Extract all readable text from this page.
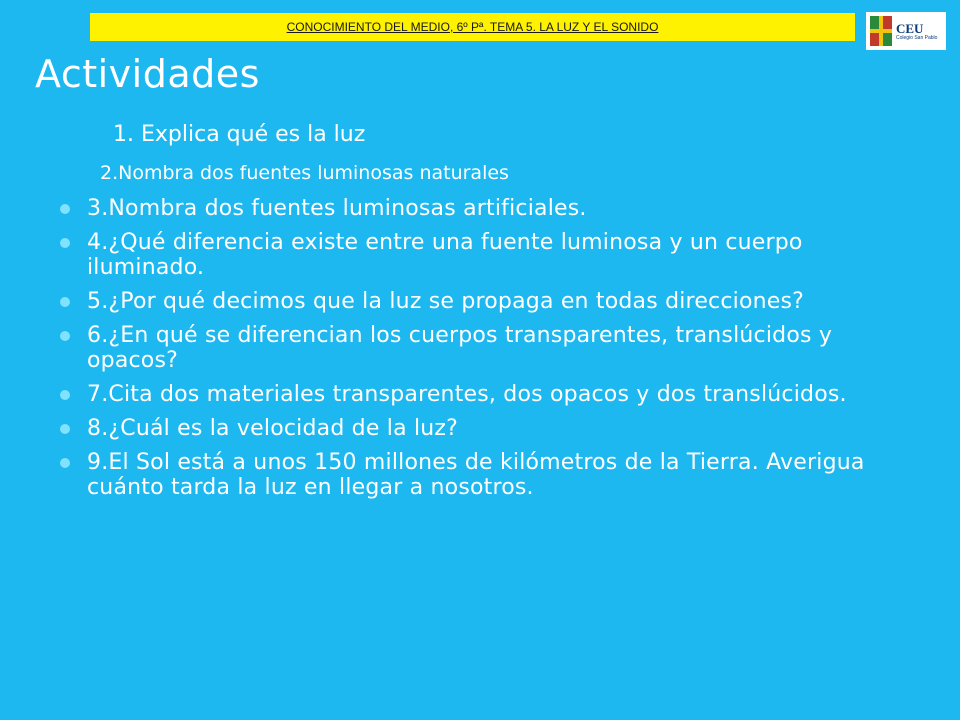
CONOCIMIENTO DEL MEDIO, 6º Pª. TEMA 5. LA LUZ Y EL SONIDO	CEU
Colegio San Pablo
Actividades

1. Explica qué es la luz

2.Nombra dos fuentes luminosas naturales

3.Nombra dos fuentes luminosas artificiales.
4.¿Qué diferencia existe entre una fuente luminosa y un cuerpo iluminado.
5.¿Por qué decimos que la luz se propaga en todas direcciones?
6.¿En qué se diferencian los cuerpos transparentes, translúcidos y opacos?
7.Cita dos materiales transparentes, dos opacos y dos translúcidos.
8.¿Cuál es la velocidad de la luz?
9.El Sol está a unos 150 millones de kilómetros de la Tierra. Averigua cuánto tarda la luz en llegar a nosotros.
